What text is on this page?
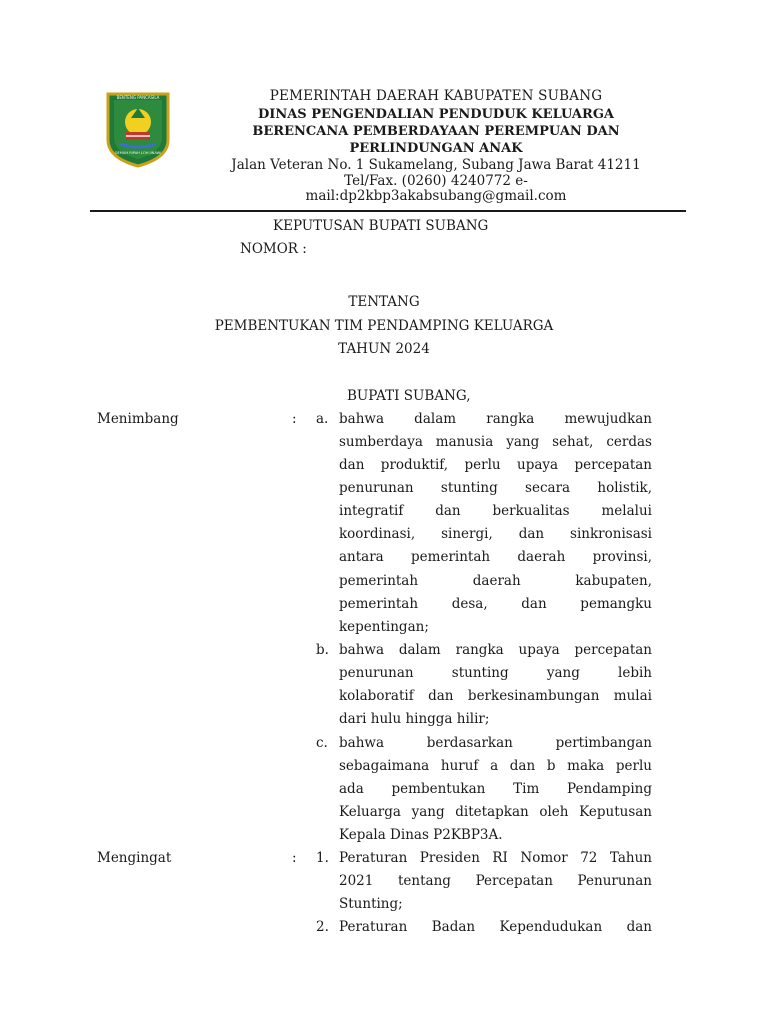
BENTENG PANCASILA
GEMAH RIPAH LOH JINAWI
PEMERINTAH DAERAH KABUPATEN SUBANG
DINAS PENGENDALIAN PENDUDUK KELUARGA
BERENCANA PEMBERDAYAAN PEREMPUAN DAN
PERLINDUNGAN ANAK
Jalan Veteran No. 1 Sukamelang, Subang Jawa Barat 41211
Tel/Fax. (0260) 4240772 e-
mail:dp2kbp3akabsubang@gmail.com
KEPUTUSAN BUPATI SUBANG
NOMOR :
TENTANG
PEMBENTUKAN TIM PENDAMPING KELUARGA
TAHUN 2024
BUPATI SUBANG,
Menimbang	: a. bahwa dalam rangka mewujudkan
sumberdaya manusia yang sehat, cerdas
dan produktif, perlu upaya percepatan
penurunan stunting secara holistik,
integratif dan berkualitas melalui
koordinasi, sinergi, dan sinkronisasi
antara pemerintah daerah provinsi,
pemerintah daerah kabupaten,
pemerintah desa, dan pemangku
kepentingan;
b. bahwa dalam rangka upaya percepatan
penurunan stunting yang lebih
kolaboratif dan berkesinambungan mulai
dari hulu hingga hilir;
c. bahwa berdasarkan pertimbangan
sebagaimana huruf a dan b maka perlu
ada pembentukan Tim Pendamping
Keluarga yang ditetapkan oleh Keputusan
Kepala Dinas P2KBP3A.
Mengingat	: 1. Peraturan Presiden RI Nomor 72 Tahun
2021 tentang Percepatan Penurunan
Stunting;
2. Peraturan Badan Kependudukan dan
